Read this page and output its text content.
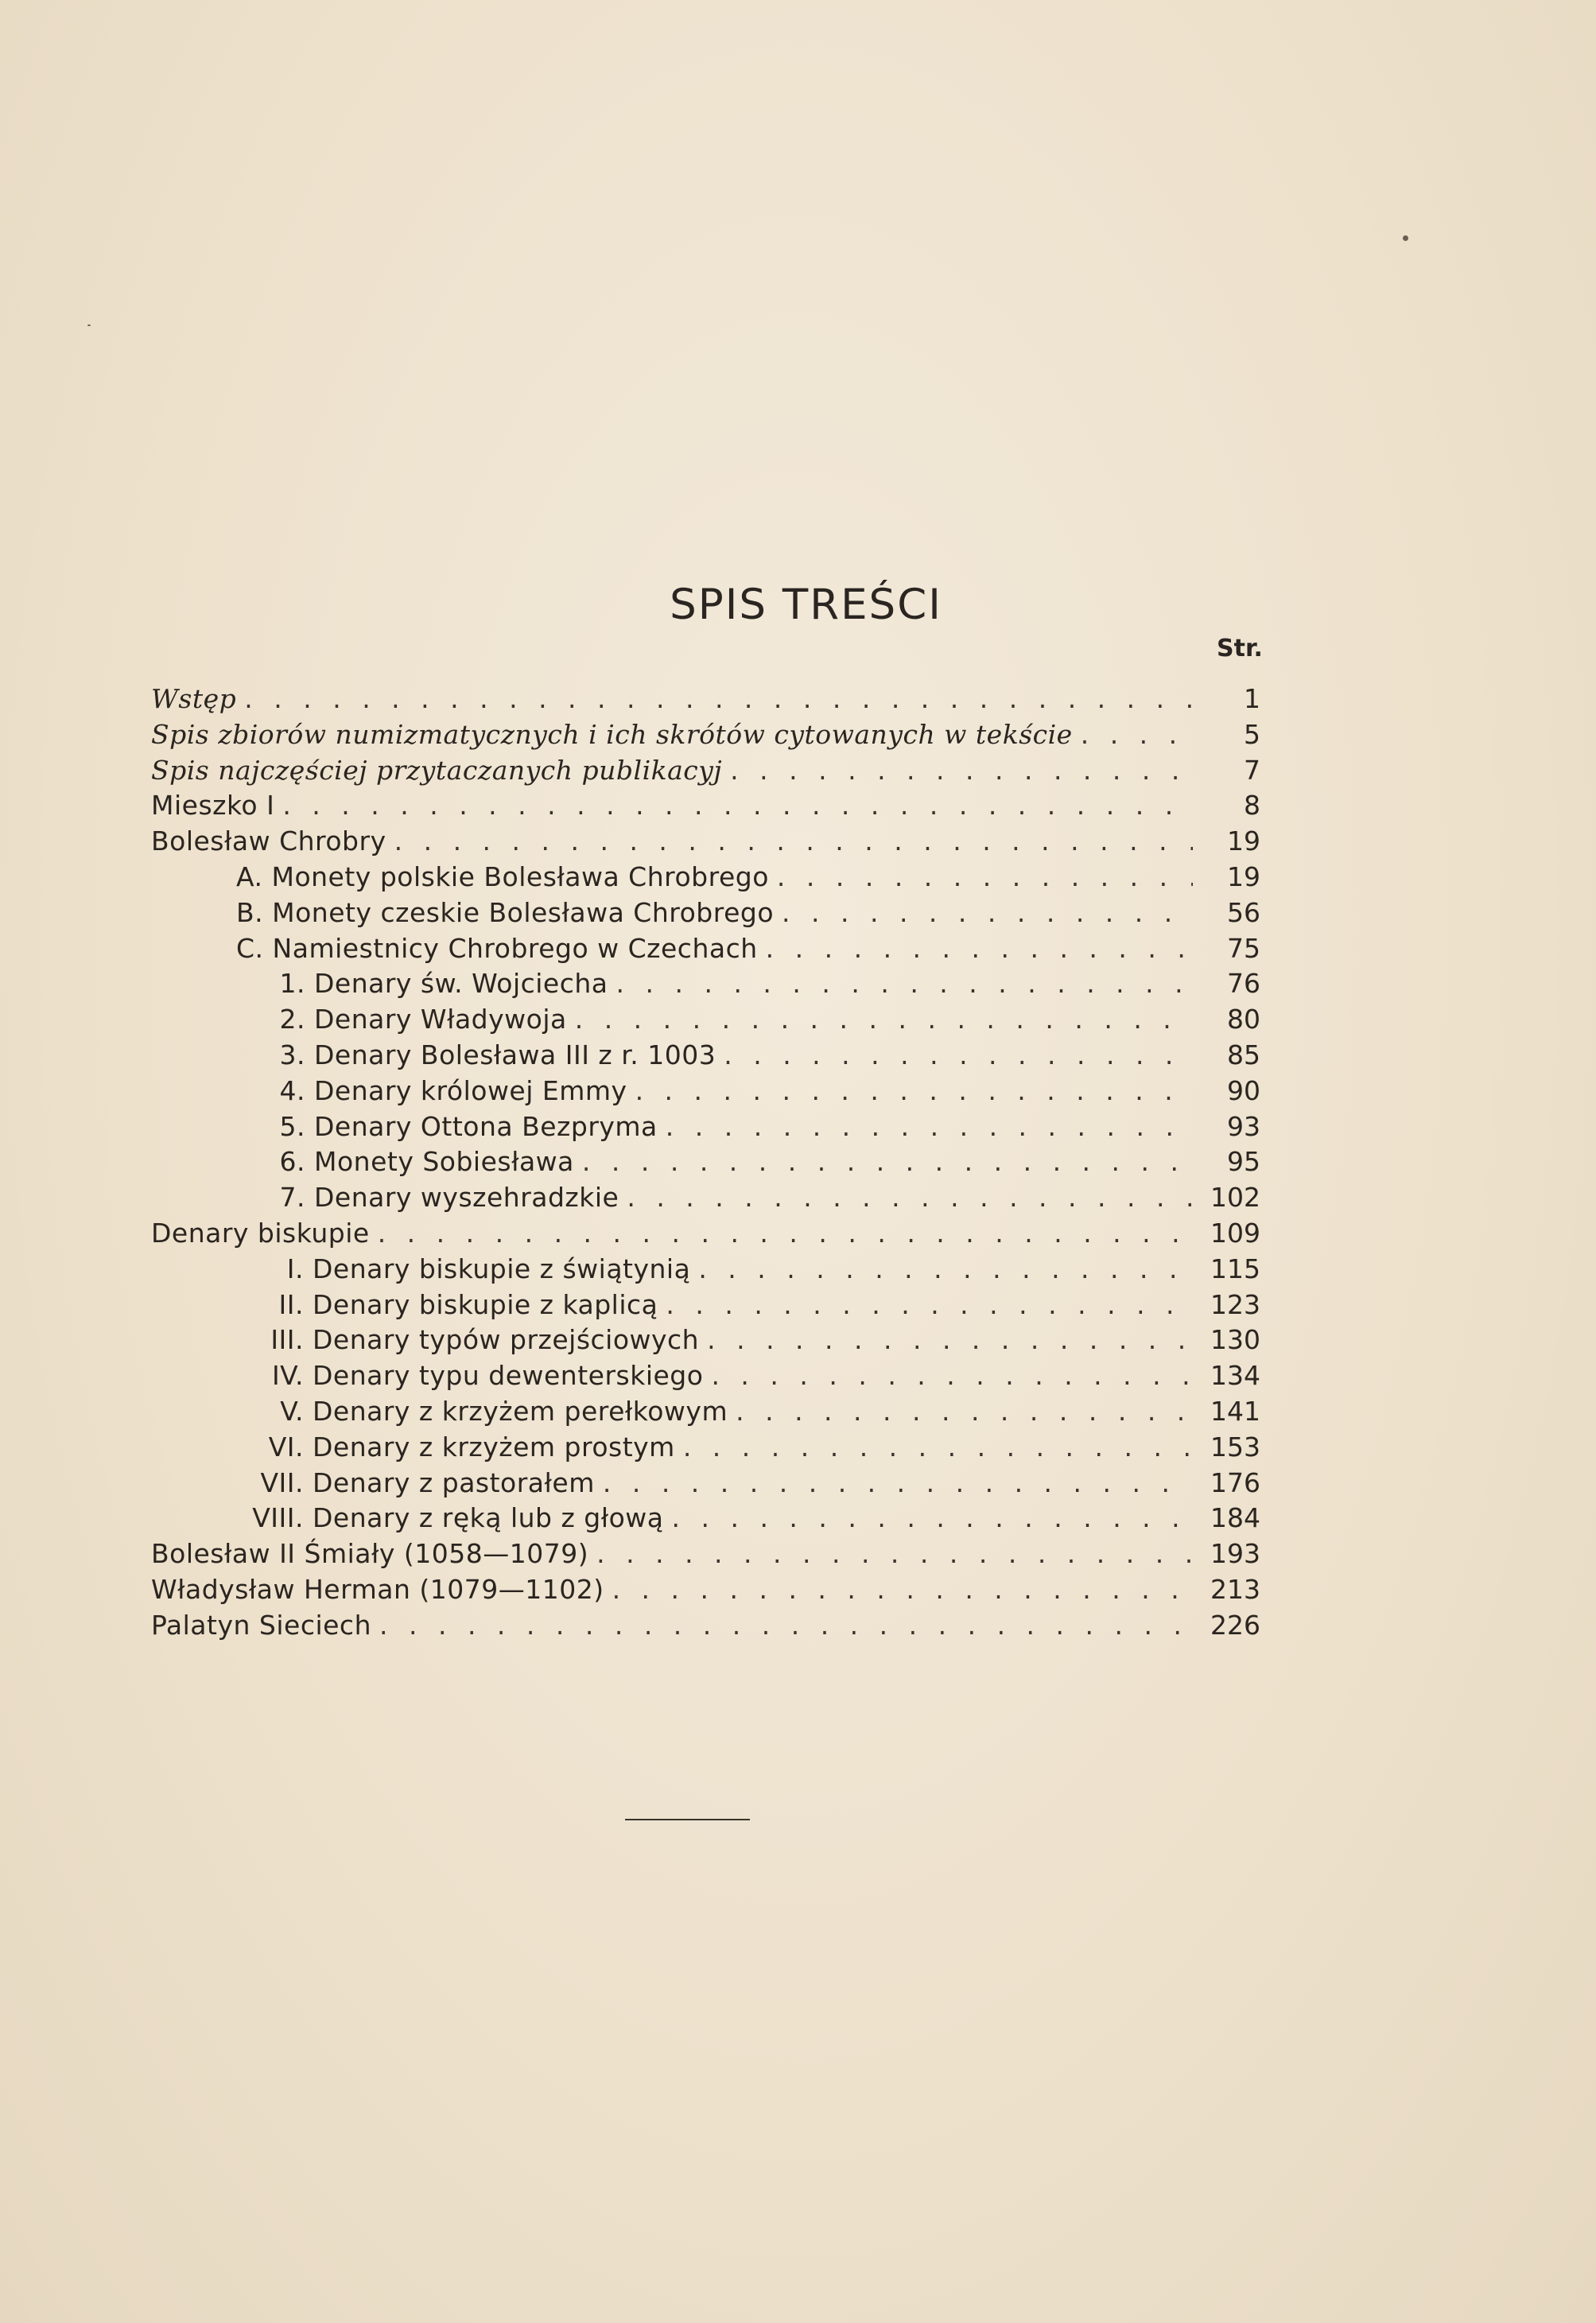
SPIS TREŚCI
Str.
Wstęp . . .	1
Spis zbiorów numizmatycznych i ich skrótów cytowanych w tekście . . .	5
Spis najczęściej przytaczanych publikacyj . . .	7
Mieszko I . . .	8
Bolesław Chrobry . . .	19
A. Monety polskie Bolesława Chrobrego . . .	19
B. Monety czeskie Bolesława Chrobrego . . .	56
C. Namiestnicy Chrobrego w Czechach . . .	75
1. Denary św. Wojciecha . . .	76
2. Denary Władywoja . . .	80
3. Denary Bolesława III z r. 1003 . . .	85
4. Denary królowej Emmy . . .	90
5. Denary Ottona Bezpryma . . .	93
6. Monety Sobiesława . . .	95
7. Denary wyszehradzkie . . .	102
Denary biskupie . . .	109
I. Denary biskupie z świątynią . . .	115
II. Denary biskupie z kaplicą . . .	123
III. Denary typów przejściowych . . .	130
IV. Denary typu dewenterskiego . . .	134
V. Denary z krzyżem perełkowym . . .	141
VI. Denary z krzyżem prostym . . .	153
VII. Denary z pastorałem . . .	176
VIII. Denary z ręką lub z głową . . .	184
Bolesław II Śmiały (1058—1079) . . .	193
Władysław Herman (1079—1102) . . .	213
Palatyn Sieciech . . .	226
